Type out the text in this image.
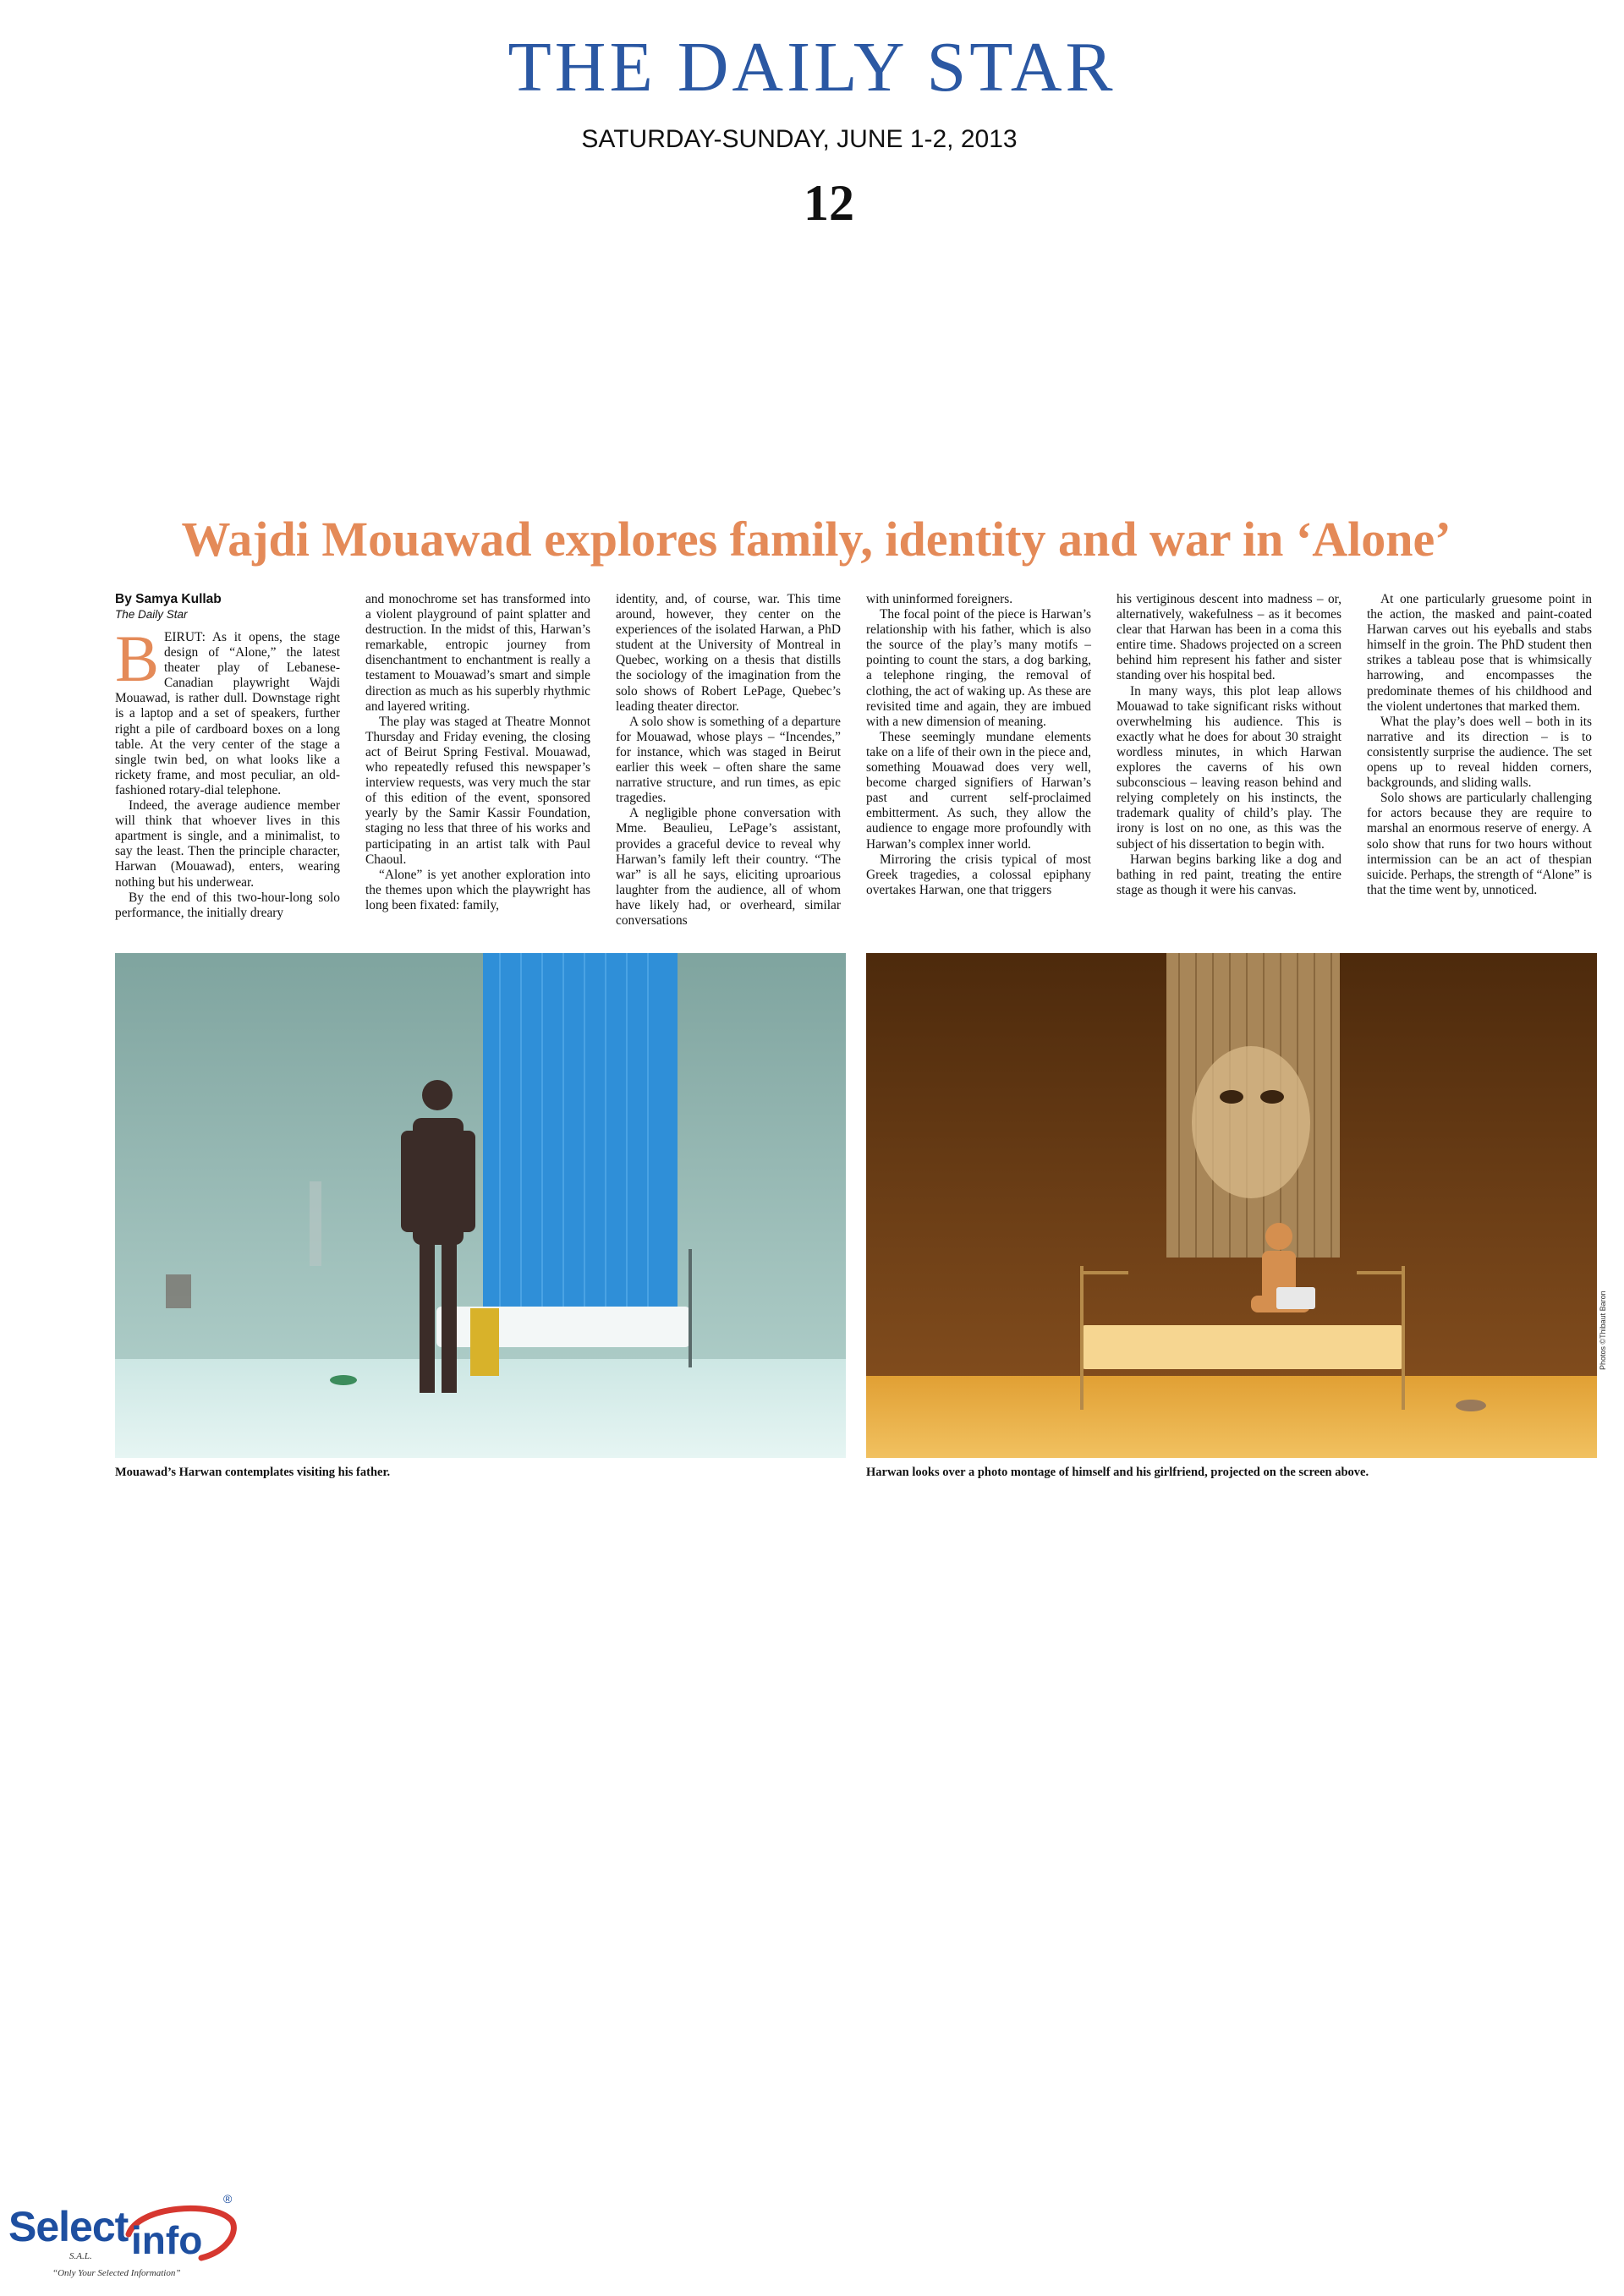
THE DAILY STAR
SATURDAY-SUNDAY, JUNE 1-2, 2013
12
Wajdi Mouawad explores family, identity and war in ‘Alone’
By Samya Kullab
The Daily Star

BEIRUT: As it opens, the stage design of “Alone,” the latest theater play of Lebanese-Canadian playwright Wajdi Mouawad, is rather dull. Downstage right is a laptop and a set of speakers, further right a pile of cardboard boxes on a long table. At the very center of the stage a single twin bed, on what looks like a rickety frame, and most peculiar, an old-fashioned rotary-dial telephone.

Indeed, the average audience member will think that whoever lives in this apartment is single, and a minimalist, to say the least. Then the principle character, Harwan (Mouawad), enters, wearing nothing but his underwear.

By the end of this two-hour-long solo performance, the initially dreary

and monochrome set has transformed into a violent playground of paint splatter and destruction. In the midst of this, Harwan’s remarkable, entropic journey from disenchantment to enchantment is really a testament to Mouawad’s smart and simple direction as much as his superbly rhythmic and layered writing.

The play was staged at Theatre Monnot Thursday and Friday evening, the closing act of Beirut Spring Festival. Mouawad, who repeatedly refused this newspaper’s interview requests, was very much the star of this edition of the event, sponsored yearly by the Samir Kassir Foundation, staging no less that three of his works and participating in an artist talk with Paul Chaoul.

“Alone” is yet another exploration into the themes upon which the playwright has long been fixated: family,

identity, and, of course, war. This time around, however, they center on the experiences of the isolated Harwan, a PhD student at the University of Montreal in Quebec, working on a thesis that distills the sociology of the imagination from the solo shows of Robert LePage, Quebec’s leading theater director.

A solo show is something of a departure for Mouawad, whose plays – “Incendes,” for instance, which was staged in Beirut earlier this week – often share the same narrative structure, and run times, as epic tragedies.

A negligible phone conversation with Mme. Beaulieu, LePage’s assistant, provides a graceful device to reveal why Harwan’s family left their country. “The war” is all he says, eliciting uproarious laughter from the audience, all of whom have likely had, or overheard, similar conversations

with uninformed foreigners.

The focal point of the piece is Harwan’s relationship with his father, which is also the source of the play’s many motifs – pointing to count the stars, a dog barking, a telephone ringing, the removal of clothing, the act of waking up. As these are revisited time and again, they are imbued with a new dimension of meaning.

These seemingly mundane elements take on a life of their own in the piece and, something Mouawad does very well, become charged signifiers of Harwan’s past and current self-proclaimed embitterment. As such, they allow the audience to engage more profoundly with Harwan’s complex inner world.

Mirroring the crisis typical of most Greek tragedies, a colossal epiphany overtakes Harwan, one that triggers

his vertiginous descent into madness – or, alternatively, wakefulness – as it becomes clear that Harwan has been in a coma this entire time. Shadows projected on a screen behind him represent his father and sister standing over his hospital bed.

In many ways, this plot leap allows Mouawad to take significant risks without overwhelming his audience. This is exactly what he does for about 30 straight wordless minutes, in which Harwan explores the caverns of his own subconscious – leaving reason behind and relying completely on his instincts, the trademark quality of child’s play. The irony is lost on no one, as this was the subject of his dissertation to begin with.

Harwan begins barking like a dog and bathing in red paint, treating the entire stage as though it were his canvas.

At one particularly gruesome point in the action, the masked and paint-coated Harwan carves out his eyeballs and stabs himself in the groin. The PhD student then strikes a tableau pose that is whimsically harrowing, and encompasses the predominate themes of his childhood and the violent undertones that marked them.

What the play’s does well – both in its narrative and its direction – is to consistently surprise the audience. The set opens up to reveal hidden corners, backgrounds, and sliding walls.

Solo shows are particularly challenging for actors because they are require to marshal an enormous reserve of energy. A solo show that runs for two hours without intermission can be an act of thespian suicide. Perhaps, the strength of “Alone” is that the time went by, unnoticed.

Photos ©Thibaut Baron
Mouawad’s Harwan contemplates visiting his father.	Harwan looks over a photo montage of himself and his girlfriend, projected on the screen above.
Select info
®
S.A.L.
“Only Your Selected Information”
